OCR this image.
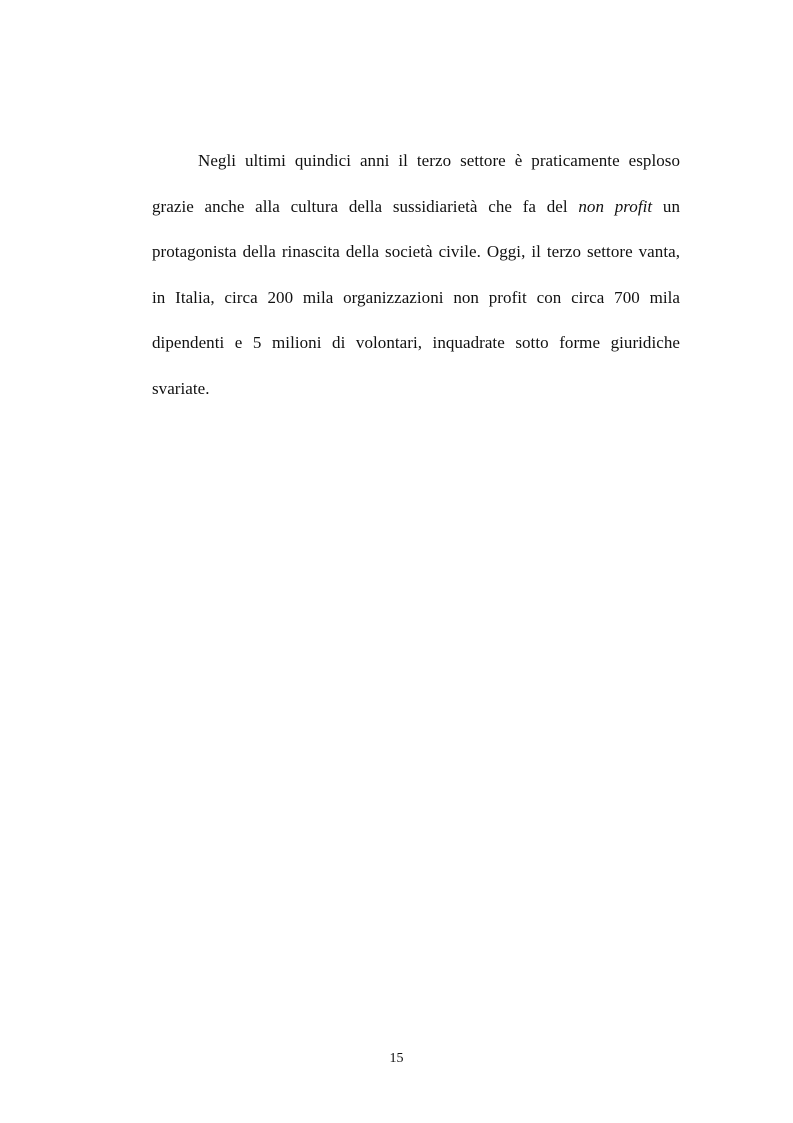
Negli ultimi quindici anni il terzo settore è praticamente esploso grazie anche alla cultura della sussidiarietà che fa del non profit un protagonista della rinascita della società civile. Oggi, il terzo settore vanta, in Italia, circa 200 mila organizzazioni non profit con circa 700 mila dipendenti e 5 milioni di volontari, inquadrate sotto forme giuridiche svariate.

15
